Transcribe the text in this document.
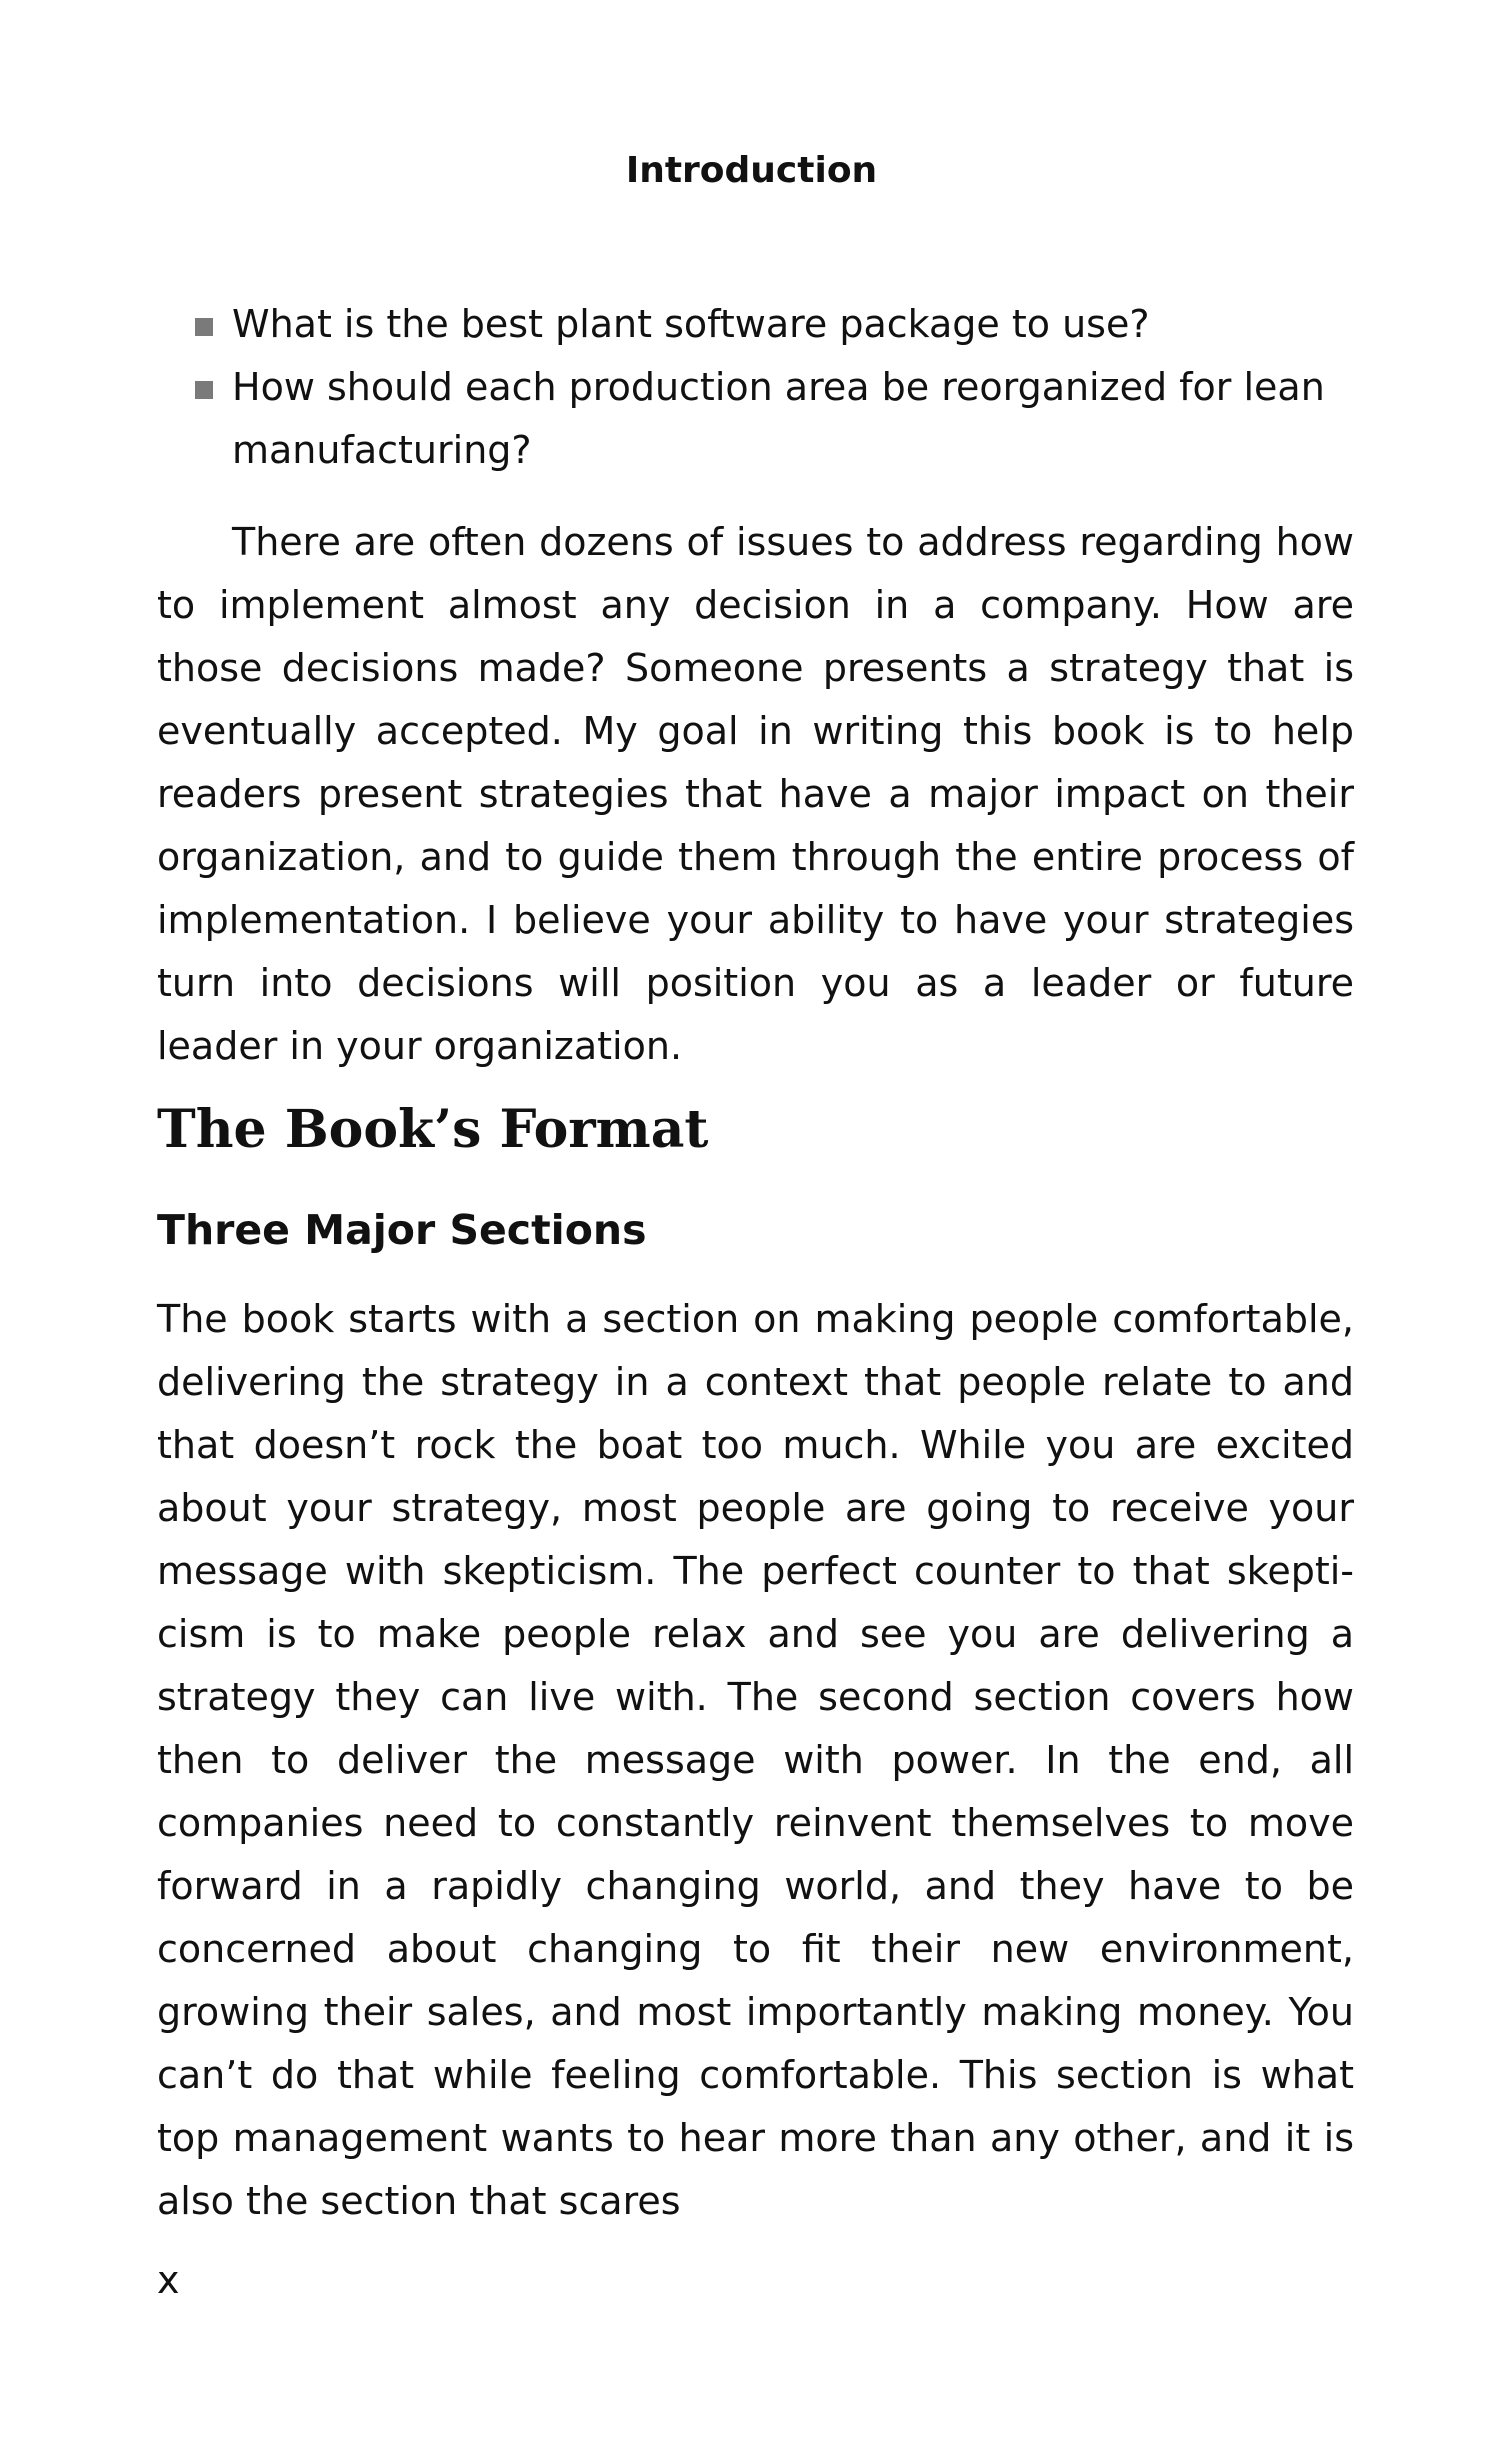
Introduction

What is the best plant software package to use?
How should each production area be reorganized for lean manufacturing?

There are often dozens of issues to address regarding how to implement almost any decision in a company. How are those decisions made? Someone presents a strategy that is eventually accepted. My goal in writing this book is to help readers present strategies that have a major impact on their organization, and to guide them through the entire process of implementation. I believe your ability to have your strategies turn into decisions will position you as a leader or future leader in your organization.

The Book’s Format
Three Major Sections

The book starts with a section on making people comfortable, delivering the strategy in a context that people relate to and that doesn’t rock the boat too much. While you are excited about your strategy, most people are going to receive your message with skepticism. The perfect counter to that skepticism is to make people relax and see you are delivering a strategy they can live with. The second section covers how then to deliver the message with power. In the end, all companies need to constantly reinvent themselves to move forward in a rapidly changing world, and they have to be concerned about changing to fit their new environment, growing their sales, and most importantly making money. You can’t do that while feeling comfortable. This section is what top management wants to hear more than any other, and it is also the section that scares

x
